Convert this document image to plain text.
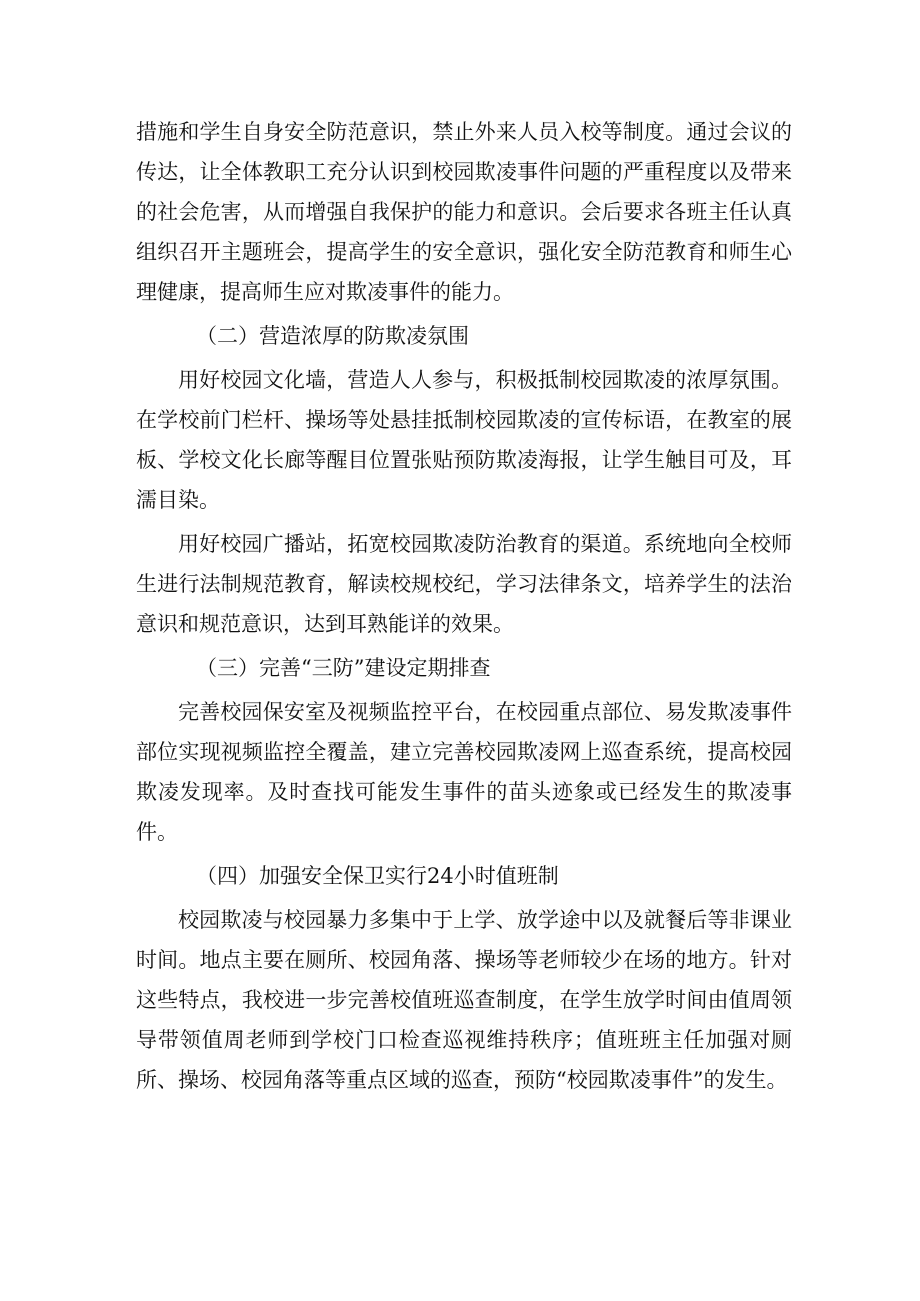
措施和学生自身安全防范意识，禁止外来人员入校等制度。通过会议的传达，让全体教职工充分认识到校园欺凌事件问题的严重程度以及带来的社会危害，从而增强自我保护的能力和意识。会后要求各班主任认真组织召开主题班会，提高学生的安全意识，强化安全防范教育和师生心理健康，提高师生应对欺凌事件的能力。

（二）营造浓厚的防欺凌氛围

用好校园文化墙，营造人人参与，积极抵制校园欺凌的浓厚氛围。在学校前门栏杆、操场等处悬挂抵制校园欺凌的宣传标语，在教室的展板、学校文化长廊等醒目位置张贴预防欺凌海报，让学生触目可及，耳濡目染。

用好校园广播站，拓宽校园欺凌防治教育的渠道。系统地向全校师生进行法制规范教育，解读校规校纪，学习法律条文，培养学生的法治意识和规范意识，达到耳熟能详的效果。

（三）完善“三防”建设定期排查

完善校园保安室及视频监控平台，在校园重点部位、易发欺凌事件部位实现视频监控全覆盖，建立完善校园欺凌网上巡查系统，提高校园欺凌发现率。及时查找可能发生事件的苗头迹象或已经发生的欺凌事件。

（四）加强安全保卫实行24小时值班制

校园欺凌与校园暴力多集中于上学、放学途中以及就餐后等非课业时间。地点主要在厕所、校园角落、操场等老师较少在场的地方。针对这些特点，我校进一步完善校值班巡查制度，在学生放学时间由值周领导带领值周老师到学校门口检查巡视维持秩序；值班班主任加强对厕所、操场、校园角落等重点区域的巡查，预防“校园欺凌事件”的发生。
